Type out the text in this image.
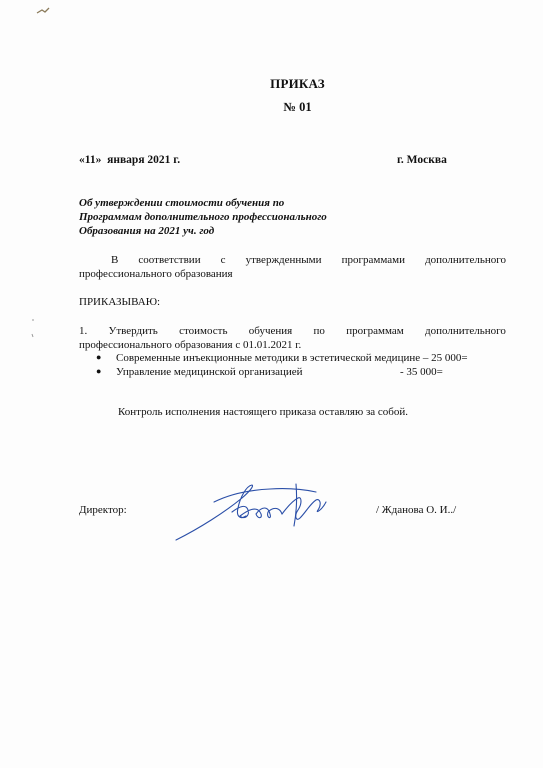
ПРИКАЗ
№ 01
«11»  января 2021 г.	г. Москва
Об утверждении стоимости обучения по
Программам дополнительного профессионального
Образования на 2021 уч. год
В соответствии с утвержденными программами дополнительного
профессионального образования
ПРИКАЗЫВАЮ:
1. Утвердить стоимость обучения по программам дополнительного
профессионального образования с 01.01.2021 г.
● Современные инъекционные методики в эстетической медицине – 25 000=
● Управление медицинской организацией	- 35 000=
Контроль исполнения настоящего приказа оставляю за собой.
Директор:	/ Жданова О. И../
